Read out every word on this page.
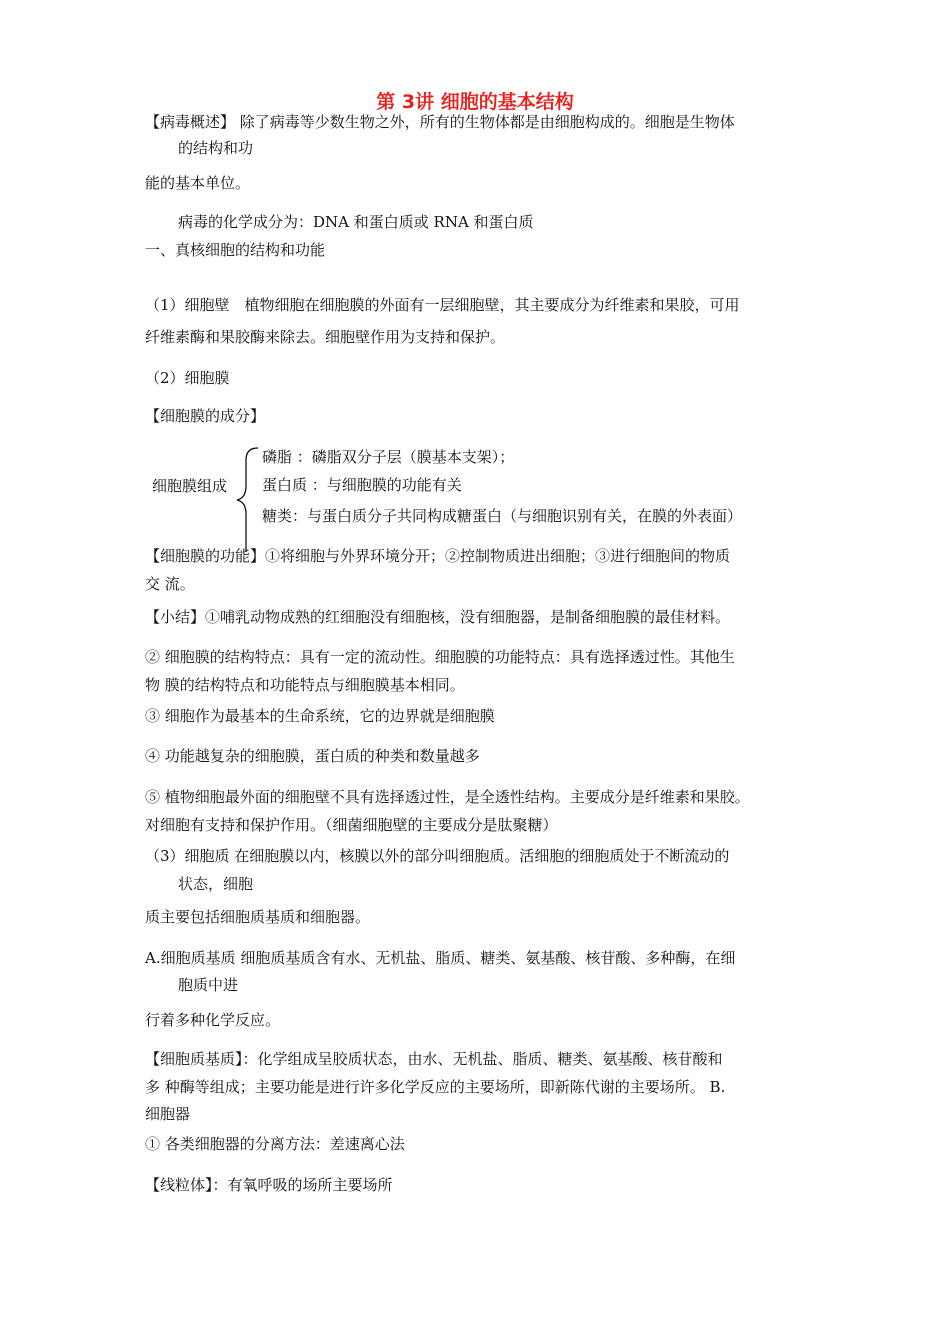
第 3讲 细胞的基本结构
【病毒概述】 除了病毒等少数生物之外，所有的生物体都是由细胞构成的。细胞是生物体
的结构和功
能的基本单位。
病毒的化学成分为：DNA 和蛋白质或 RNA 和蛋白质
一、真核细胞的结构和功能
（1）细胞壁　植物细胞在细胞膜的外面有一层细胞壁，其主要成分为纤维素和果胶，可用
纤维素酶和果胶酶来除去。细胞壁作用为支持和保护。
（2）细胞膜
【细胞膜的成分】
细胞膜组成
磷脂 ：磷脂双分子层（膜基本支架）；
蛋白质 ：与细胞膜的功能有关
糖类：与蛋白质分子共同构成糖蛋白（与细胞识别有关，在膜的外表面）
【细胞膜的功能】①将细胞与外界环境分开；②控制物质进出细胞；③进行细胞间的物质
交 流。
【小结】①哺乳动物成熟的红细胞没有细胞核，没有细胞器，是制备细胞膜的最佳材料。
② 细胞膜的结构特点：具有一定的流动性。细胞膜的功能特点：具有选择透过性。其他生
物 膜的结构特点和功能特点与细胞膜基本相同。
③ 细胞作为最基本的生命系统，它的边界就是细胞膜
④ 功能越复杂的细胞膜，蛋白质的种类和数量越多
⑤ 植物细胞最外面的细胞壁不具有选择透过性，是全透性结构。主要成分是纤维素和果胶。
对细胞有支持和保护作用。（细菌细胞壁的主要成分是肽聚糖）
（3）细胞质 在细胞膜以内，核膜以外的部分叫细胞质。活细胞的细胞质处于不断流动的
状态，细胞
质主要包括细胞质基质和细胞器。
A.细胞质基质 细胞质基质含有水、无机盐、脂质、糖类、氨基酸、核苷酸、多种酶，在细
胞质中进
行着多种化学反应。
【细胞质基质】：化学组成呈胶质状态，由水、无机盐、脂质、糖类、氨基酸、核苷酸和
多 种酶等组成；主要功能是进行许多化学反应的主要场所，即新陈代谢的主要场所。 B.
细胞器
① 各类细胞器的分离方法：差速离心法
【线粒体】：有氧呼吸的场所主要场所
